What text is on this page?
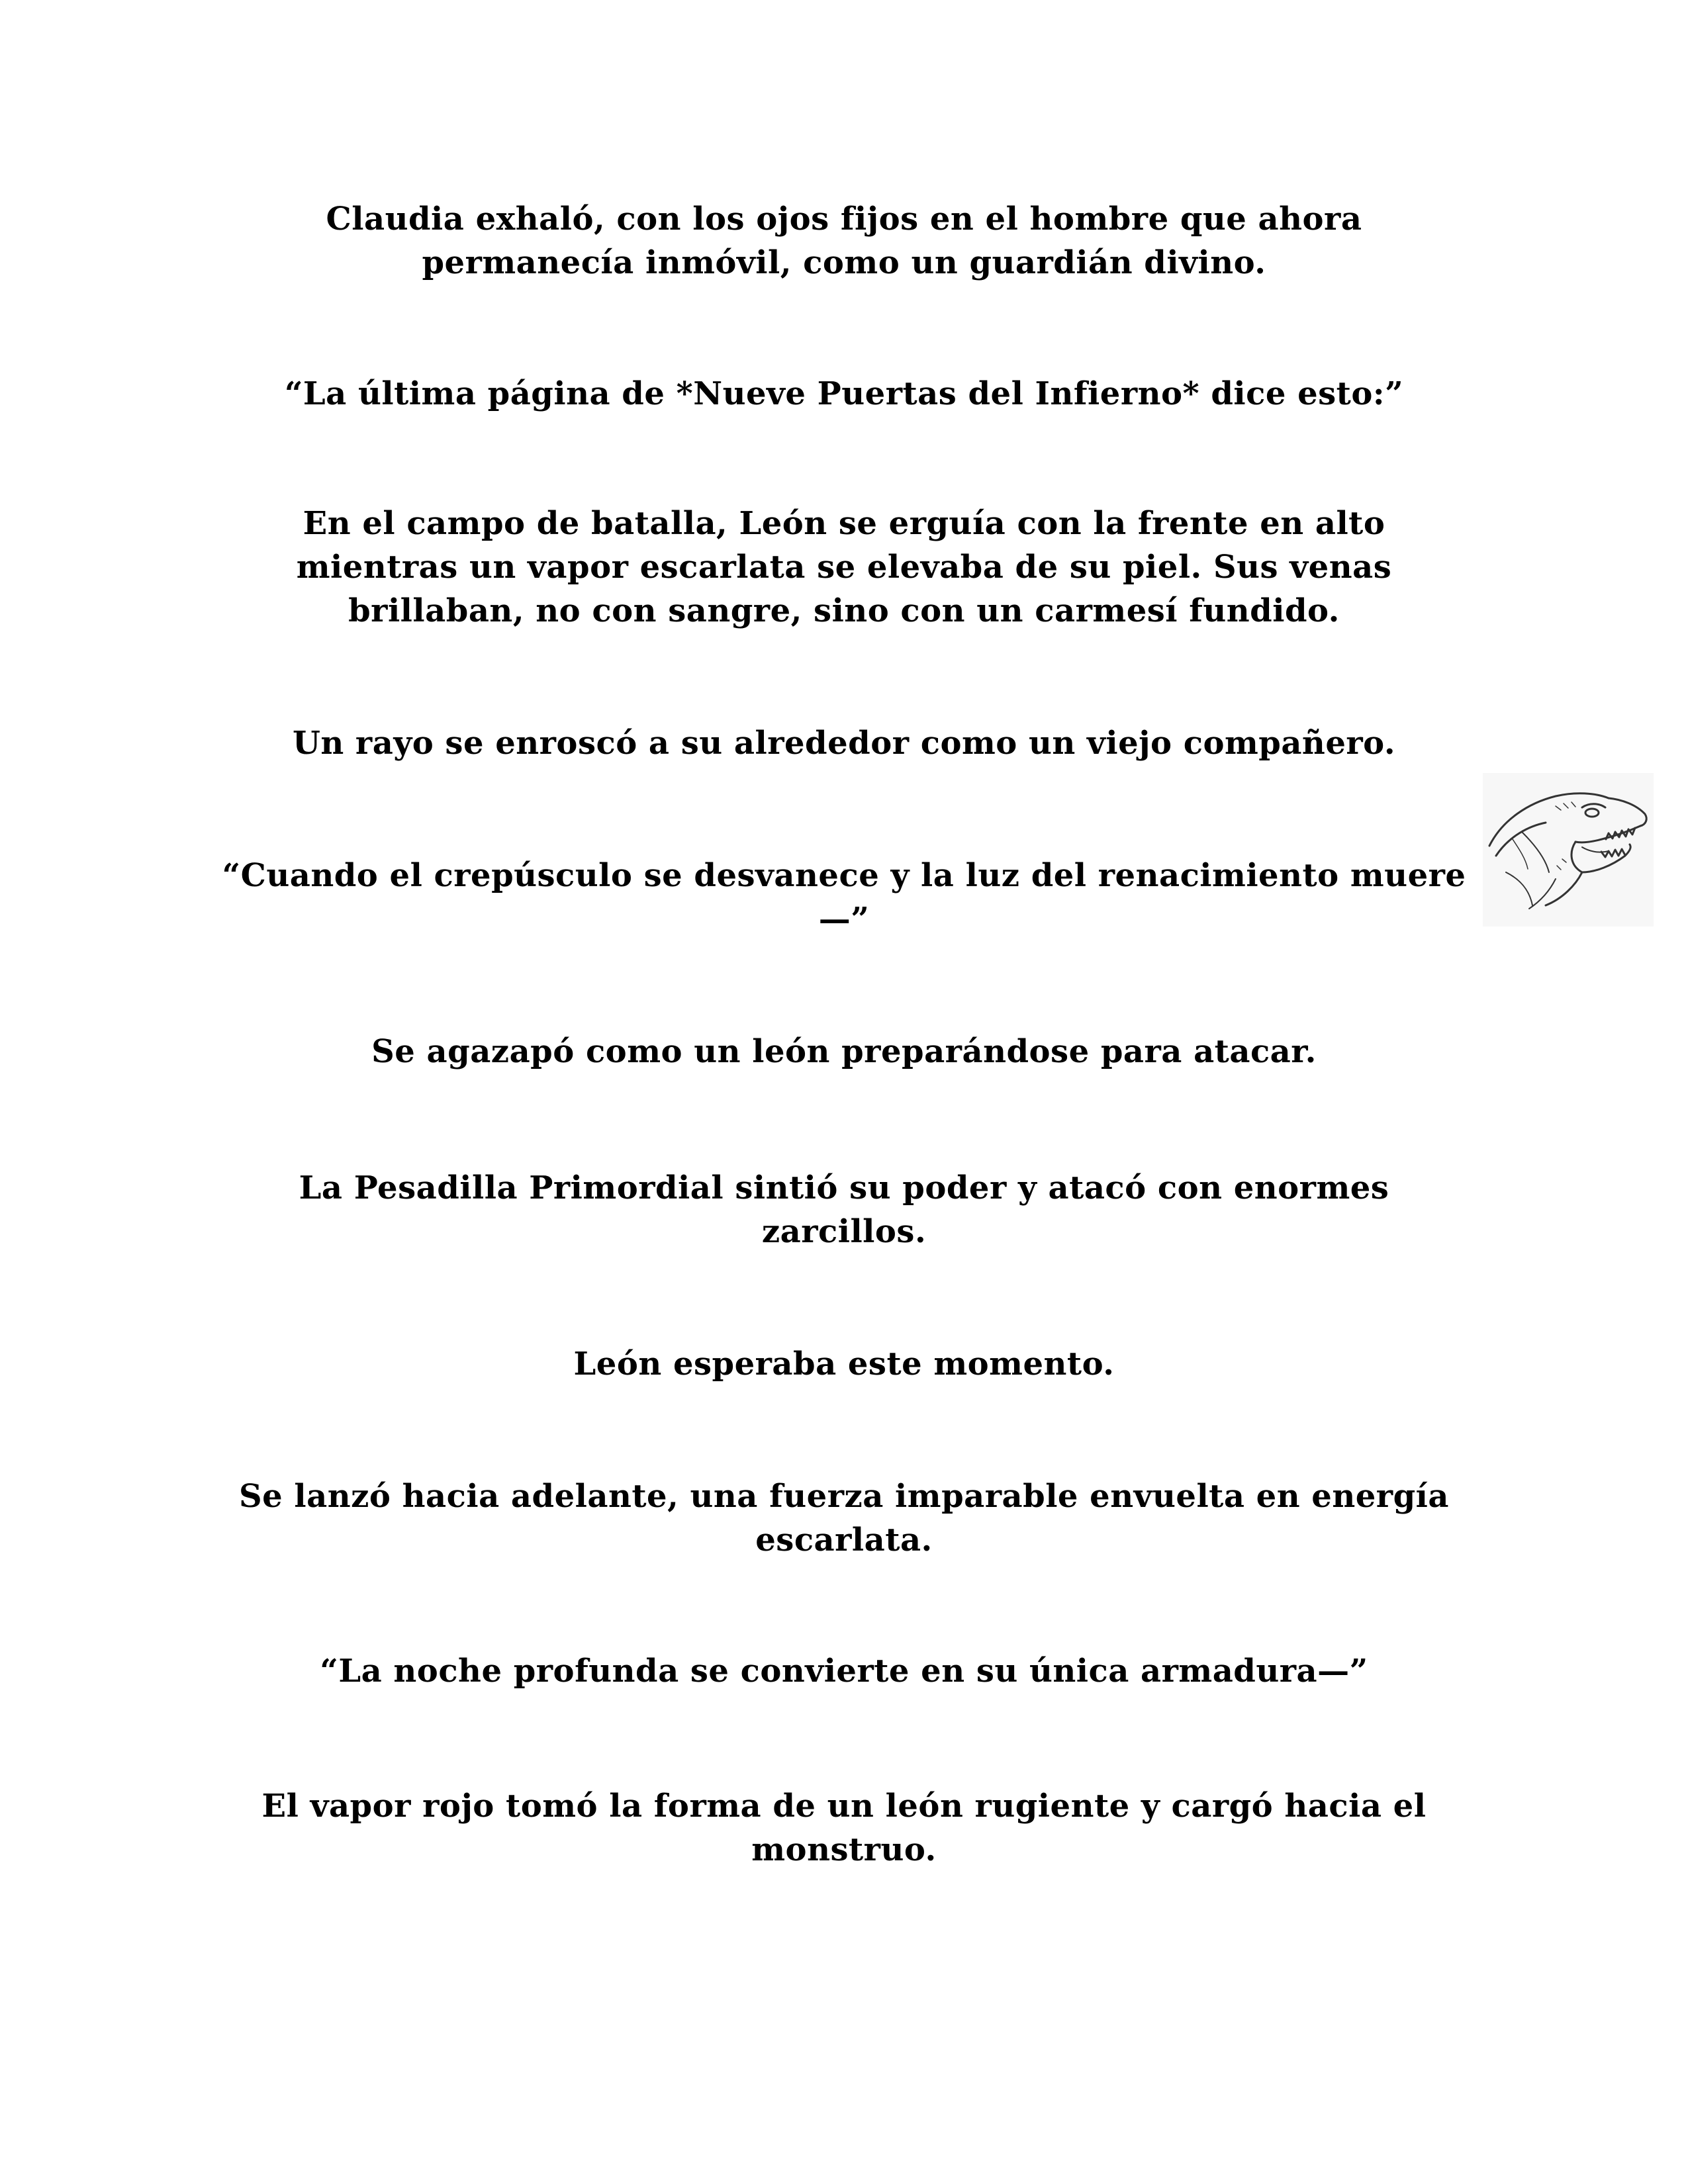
Claudia exhaló, con los ojos fijos en el hombre que ahora permanecía inmóvil, como un guardián divino.

“La última página de *Nueve Puertas del Infierno* dice esto:”

En el campo de batalla, León se erguía con la frente en alto mientras un vapor escarlata se elevaba de su piel. Sus venas brillaban, no con sangre, sino con un carmesí fundido.

Un rayo se enroscó a su alrededor como un viejo compañero.

“Cuando el crepúsculo se desvanece y la luz del renacimiento muere—”

Se agazapó como un león preparándose para atacar.

La Pesadilla Primordial sintió su poder y atacó con enormes zarcillos.

León esperaba este momento.

Se lanzó hacia adelante, una fuerza imparable envuelta en energía escarlata.

“La noche profunda se convierte en su única armadura—”

El vapor rojo tomó la forma de un león rugiente y cargó hacia el monstruo.
